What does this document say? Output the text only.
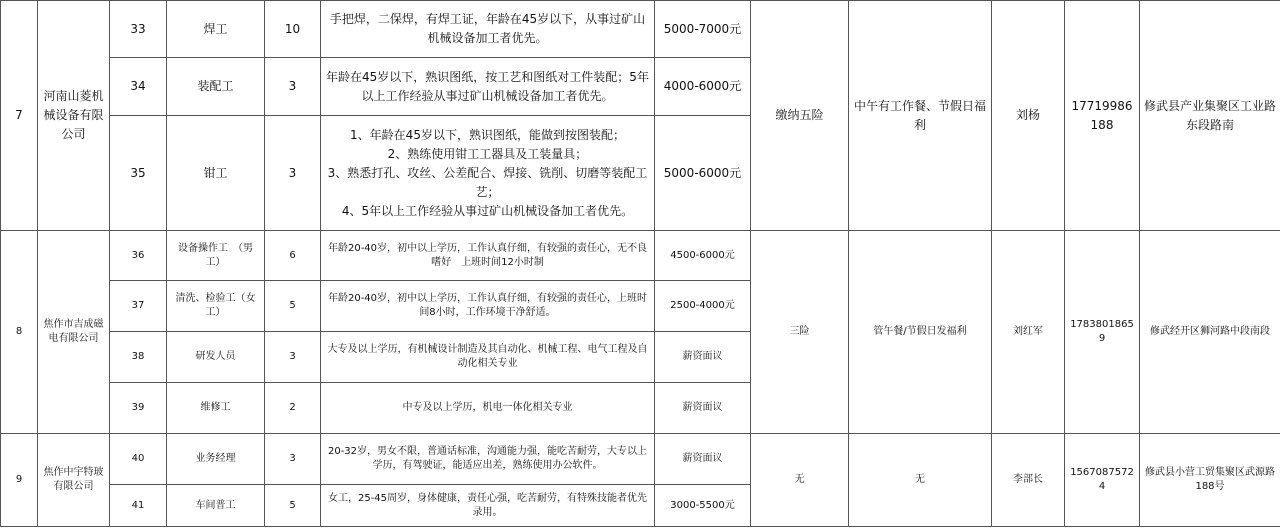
7	河南山菱机械设备有限公司	33	焊工	10	手把焊，二保焊，有焊工证，年龄在45岁以下，从事过矿山机械设备加工者优先。	5000-7000元	缴纳五险	中午有工作餐、节假日福利	刘杨	17719986188	修武县产业集聚区工业路东段路南
		34	装配工	3	年龄在45岁以下，熟识图纸，按工艺和图纸对工件装配；5年以上工作经验从事过矿山机械设备加工者优先。	4000-6000元					
		35	钳工	3	1、年龄在45岁以下，熟识图纸，能做到按图装配；
2、熟练使用钳工工器具及工装量具；
3、熟悉打孔、攻丝、公差配合、焊接、铣削、切磨等装配工艺；
4、5年以上工作经验从事过矿山机械设备加工者优先。	5000-6000元					
8	焦作市吉成磁电有限公司	36	设备操作工　（男工）	6	年龄20-40岁，初中以上学历，工作认真仔细，有较强的责任心，无不良嗜好　上班时间12小时制	4500-6000元	三险	管午餐/节假日发福利	刘红军	17838018659	修武经开区狮河路中段南段
		37	清洗、检验工（女工）	5	年龄20-40岁，初中以上学历，工作认真仔细，有较强的责任心，上班时间8小时，工作环境干净舒适。	2500-4000元					
		38	研发人员	3	大专及以上学历，有机械设计制造及其自动化、机械工程、电气工程及自动化相关专业	薪资面议					
		39	维修工	2	中专及以上学历，机电一体化相关专业	薪资面议					
9	焦作中宇特玻有限公司	40	业务经理	3	20-32岁，男女不限，普通话标准，沟通能力强，能吃苦耐劳，大专以上学历，有驾驶证，能适应出差，熟练使用办公软件。	薪资面议	无	无	李部长	15670875724	修武县小营工贸集聚区武源路188号
		41	车间普工	5	女工，25-45周岁，身体健康，责任心强，吃苦耐劳，有特殊技能者优先录用。	3000-5500元					
